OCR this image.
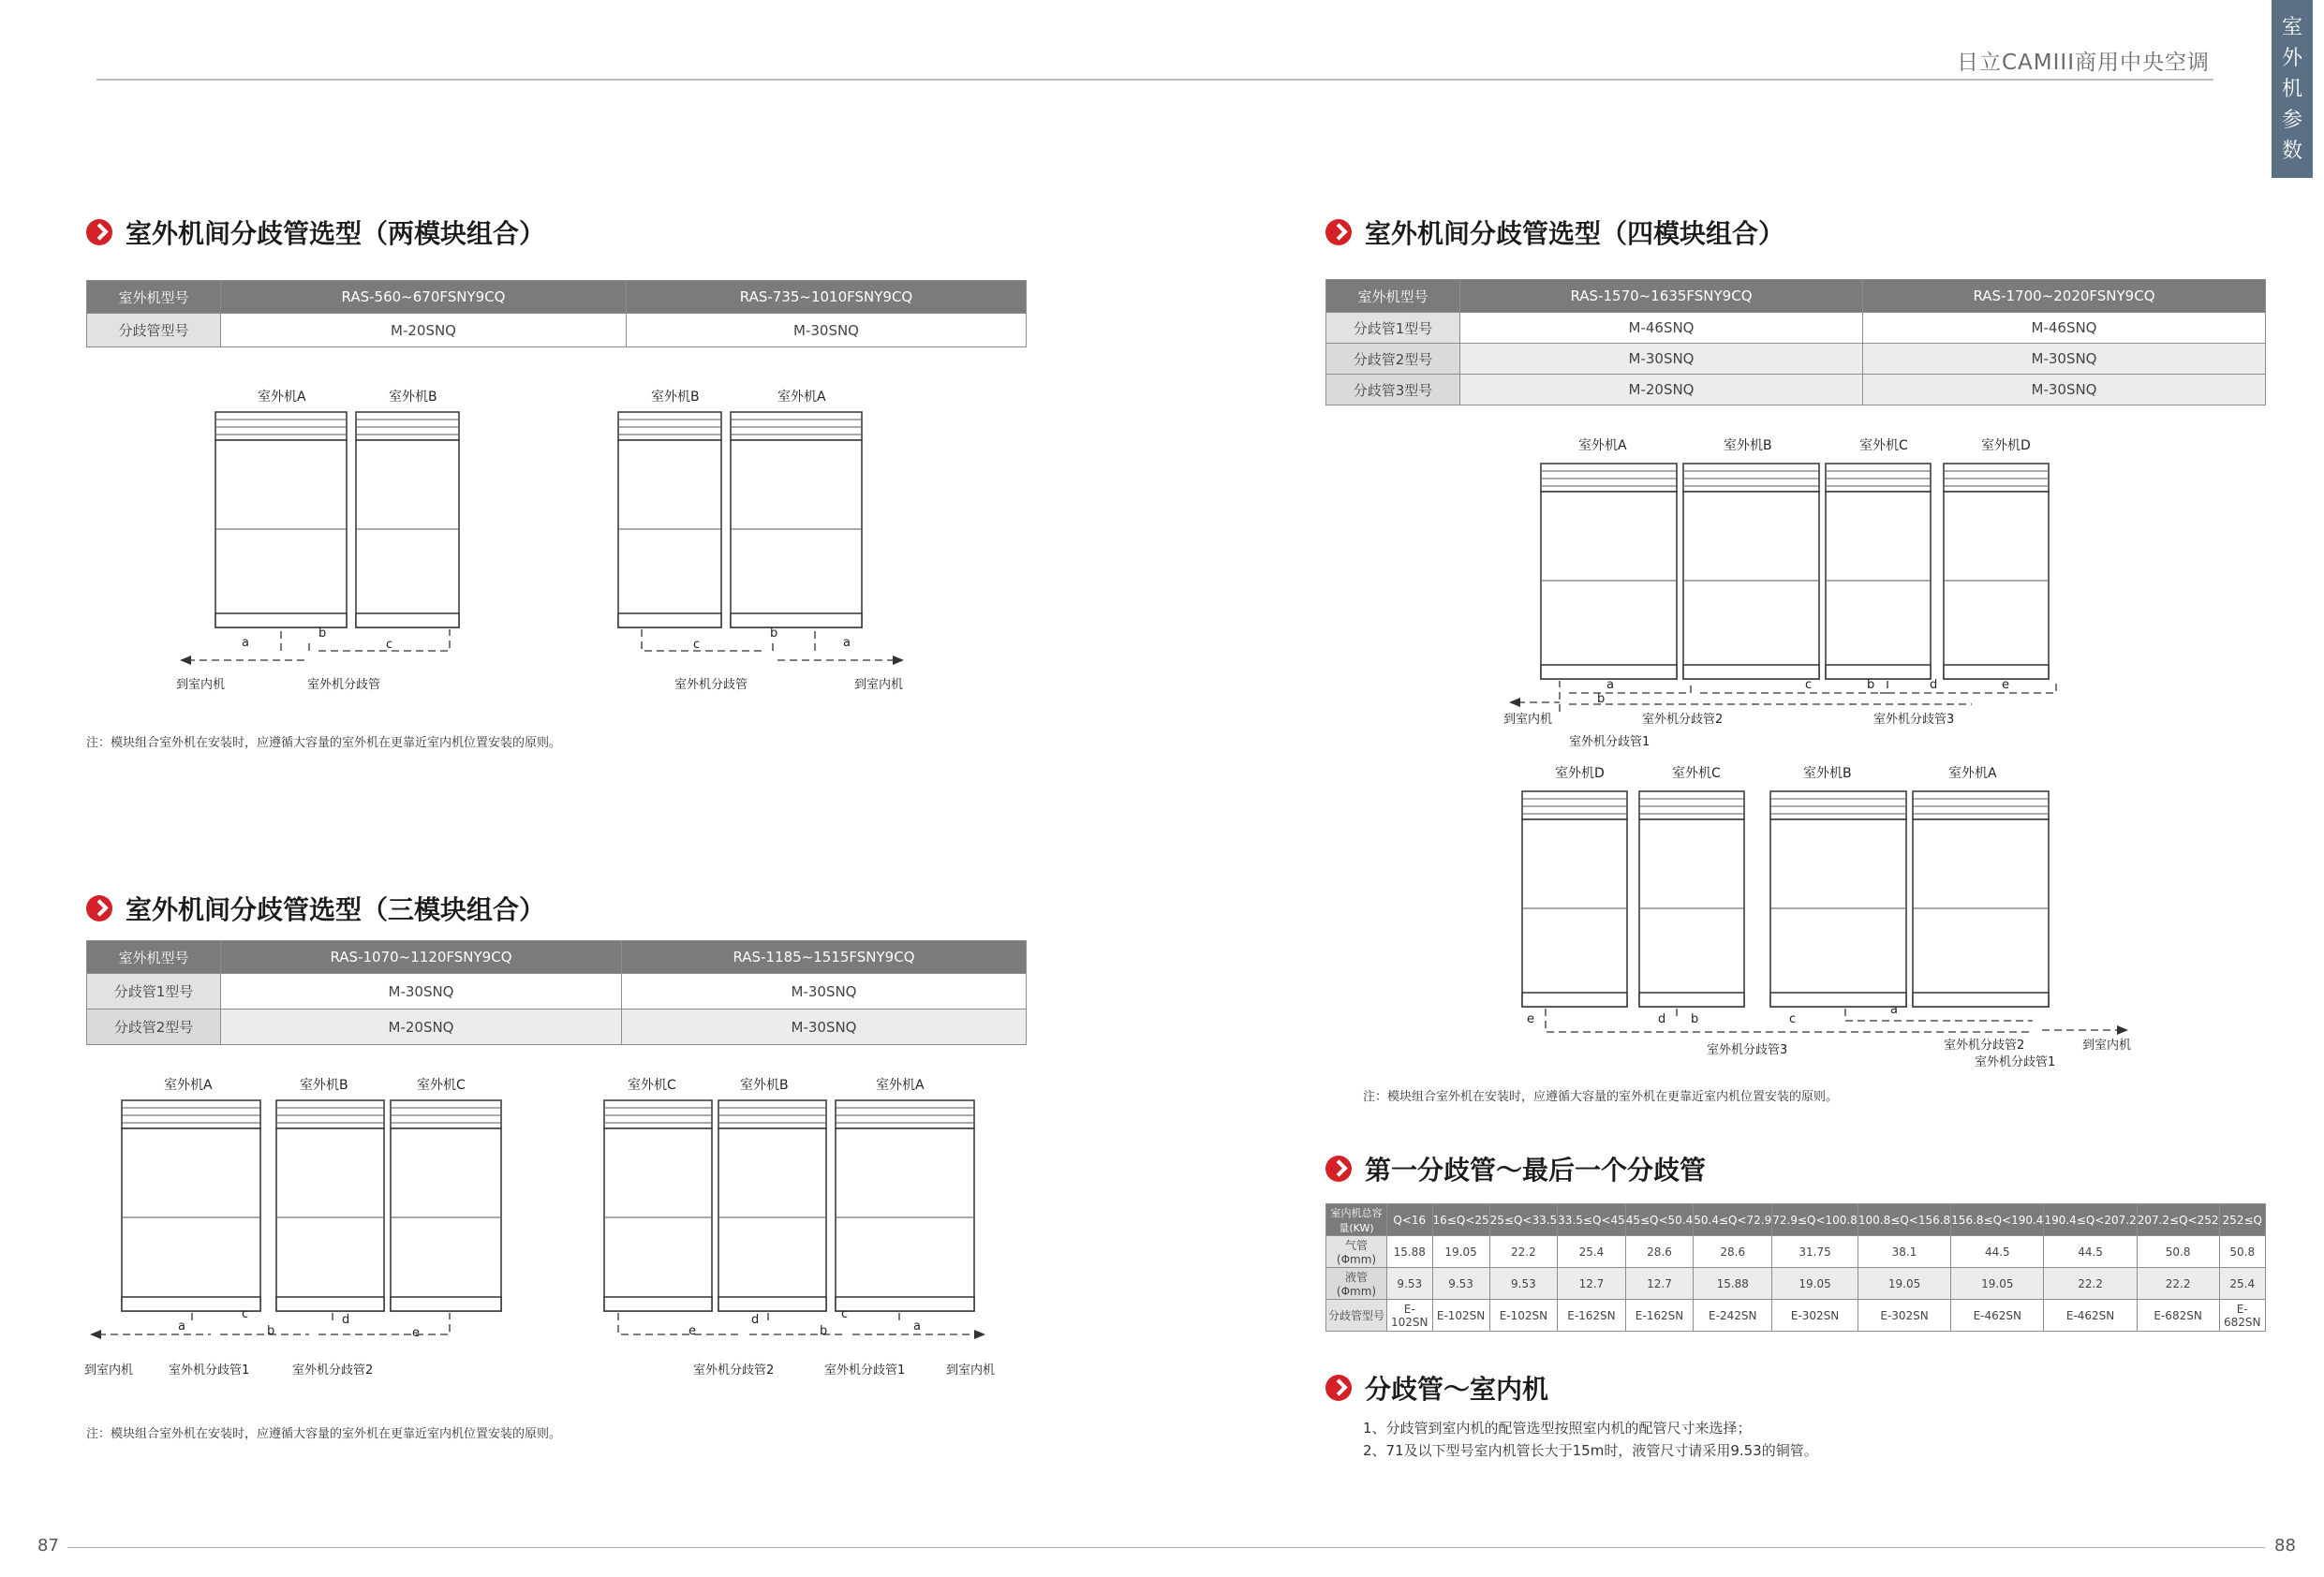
日立CAMIII商用中央空调
室
外
机
参
数
室外机间分歧管选型（两模块组合）
室外机型号	RAS-560~670FSNY9CQ	RAS-735~1010FSNY9CQ
分歧管型号	M-20SNQ	M-30SNQ
室外机A	室外机B
a
b
c
到室内机	室外机分歧管
室外机B	室外机A
c
b
a
室外机分歧管	到室内机
注：模块组合室外机在安装时，应遵循大容量的室外机在更靠近室内机位置安装的原则。
室外机间分歧管选型（三模块组合）
室外机型号	RAS-1070~1120FSNY9CQ	RAS-1185~1515FSNY9CQ
分歧管1型号	M-30SNQ	M-30SNQ
分歧管2型号	M-20SNQ	M-30SNQ
室外机A	室外机B	室外机C
a
c
b
d
e
到室内机	室外机分歧管1	室外机分歧管2
室外机C	室外机B	室外机A
e
d
b
c
a
室外机分歧管2	室外机分歧管1	到室内机
注：模块组合室外机在安装时，应遵循大容量的室外机在更靠近室内机位置安装的原则。
室外机间分歧管选型（四模块组合）
室外机型号	RAS-1570~1635FSNY9CQ	RAS-1700~2020FSNY9CQ
分歧管1型号	M-46SNQ	M-46SNQ
分歧管2型号	M-30SNQ	M-30SNQ
分歧管3型号	M-20SNQ	M-30SNQ
室外机A	室外机B	室外机C	室外机D
a
b
c	b	d	e
到室内机	室外机分歧管2	室外机分歧管3
室外机分歧管1
室外机D	室外机C	室外机B	室外机A
e	d b	c
a
室外机分歧管3	室外机分歧管2
室外机分歧管1
到室内机
注：模块组合室外机在安装时，应遵循大容量的室外机在更靠近室内机位置安装的原则。
第一分歧管～最后一个分歧管
室内机总容量(KW)	Q<16	16≤Q<25	25≤Q<33.5	33.5≤Q<45	45≤Q<50.4	50.4≤Q<72.9	72.9≤Q<100.8	100.8≤Q<156.8	156.8≤Q<190.4	190.4≤Q<207.2	207.2≤Q<252	252≤Q
气管(Φmm)	15.88	19.05	22.2	25.4	28.6	28.6	31.75	38.1	44.5	44.5	50.8	50.8
液管(Φmm)	9.53	9.53	9.53	12.7	12.7	15.88	19.05	19.05	19.05	22.2	22.2	25.4
分歧管型号	E-102SN	E-102SN	E-102SN	E-162SN	E-162SN	E-242SN	E-302SN	E-302SN	E-462SN	E-462SN	E-682SN	E-682SN
分歧管～室内机
1、分歧管到室内机的配管选型按照室内机的配管尺寸来选择；
2、71及以下型号室内机管长大于15m时，液管尺寸请采用9.53的铜管。
87	88
